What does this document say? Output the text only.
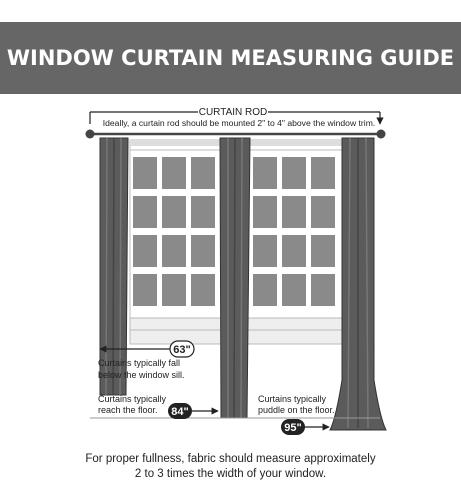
WINDOW CURTAIN MEASURING GUIDE
CURTAIN ROD
Ideally, a curtain rod should be mounted 2" to 4" above the window trim.
63"
Curtains typically fall
below the window sill.
Curtains typically
reach the floor. 84"
Curtains typically
puddle on the floor.
95"
For proper fullness, fabric should measure approximately
2 to 3 times the width of your window.
